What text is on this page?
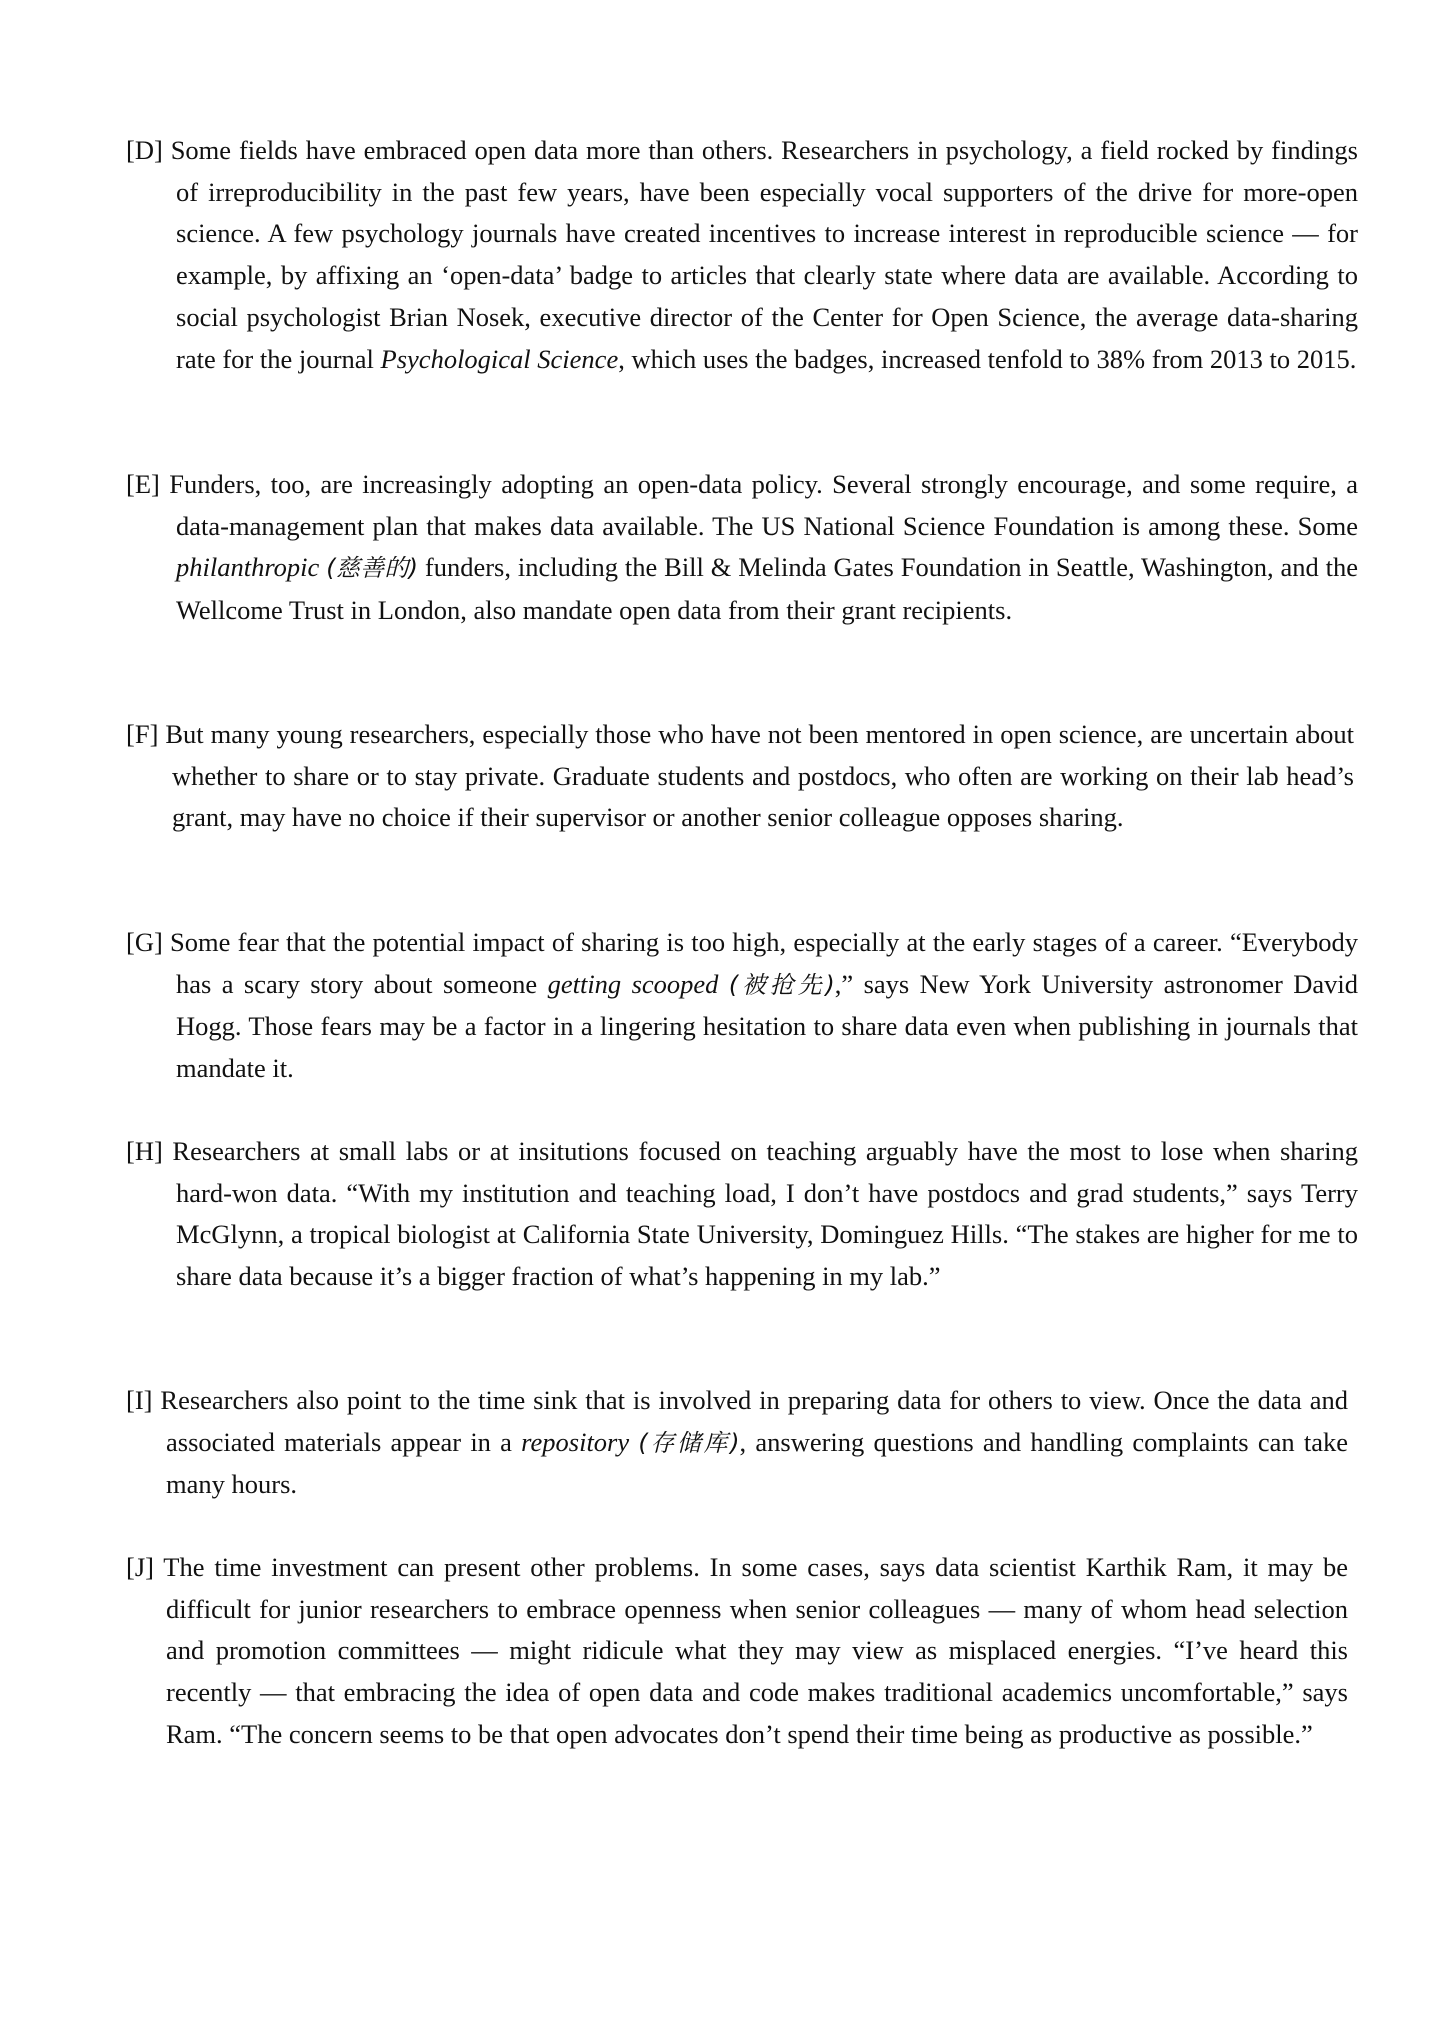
[D] Some fields have embraced open data more than others. Researchers in psychology, a field rocked by findings of irreproducibility in the past few years, have been especially vocal supporters of the drive for more-open science. A few psychology journals have created incentives to increase interest in reproducible science — for example, by affixing an ‘open-data’ badge to articles that clearly state where data are available. According to social psychologist Brian Nosek, executive director of the Center for Open Science, the average data-sharing rate for the journal Psychological Science, which uses the badges, increased tenfold to 38% from 2013 to 2015.

[E] Funders, too, are increasingly adopting an open-data policy. Several strongly encourage, and some require, a data-management plan that makes data available. The US National Science Foundation is among these. Some philanthropic (慈善的) funders, including the Bill & Melinda Gates Foundation in Seattle, Washington, and the Wellcome Trust in London, also mandate open data from their grant recipients.

[F] But many young researchers, especially those who have not been mentored in open science, are uncertain about whether to share or to stay private. Graduate students and postdocs, who often are working on their lab head’s grant, may have no choice if their supervisor or another senior colleague opposes sharing.

[G] Some fear that the potential impact of sharing is too high, especially at the early stages of a career. “Everybody has a scary story about someone getting scooped (被抢先),” says New York University astronomer David Hogg. Those fears may be a factor in a lingering hesitation to share data even when publishing in journals that mandate it.

[H] Researchers at small labs or at insitutions focused on teaching arguably have the most to lose when sharing hard-won data. “With my institution and teaching load, I don’t have postdocs and grad students,” says Terry McGlynn, a tropical biologist at California State University, Dominguez Hills. “The stakes are higher for me to share data because it’s a bigger fraction of what’s happening in my lab.”

[I] Researchers also point to the time sink that is involved in preparing data for others to view. Once the data and associated materials appear in a repository (存储库), answering questions and handling complaints can take many hours.

[J] The time investment can present other problems. In some cases, says data scientist Karthik Ram, it may be difficult for junior researchers to embrace openness when senior colleagues — many of whom head selection and promotion committees — might ridicule what they may view as misplaced energies. “I’ve heard this recently — that embracing the idea of open data and code makes traditional academics uncomfortable,” says Ram. “The concern seems to be that open advocates don’t spend their time being as productive as possible.”
